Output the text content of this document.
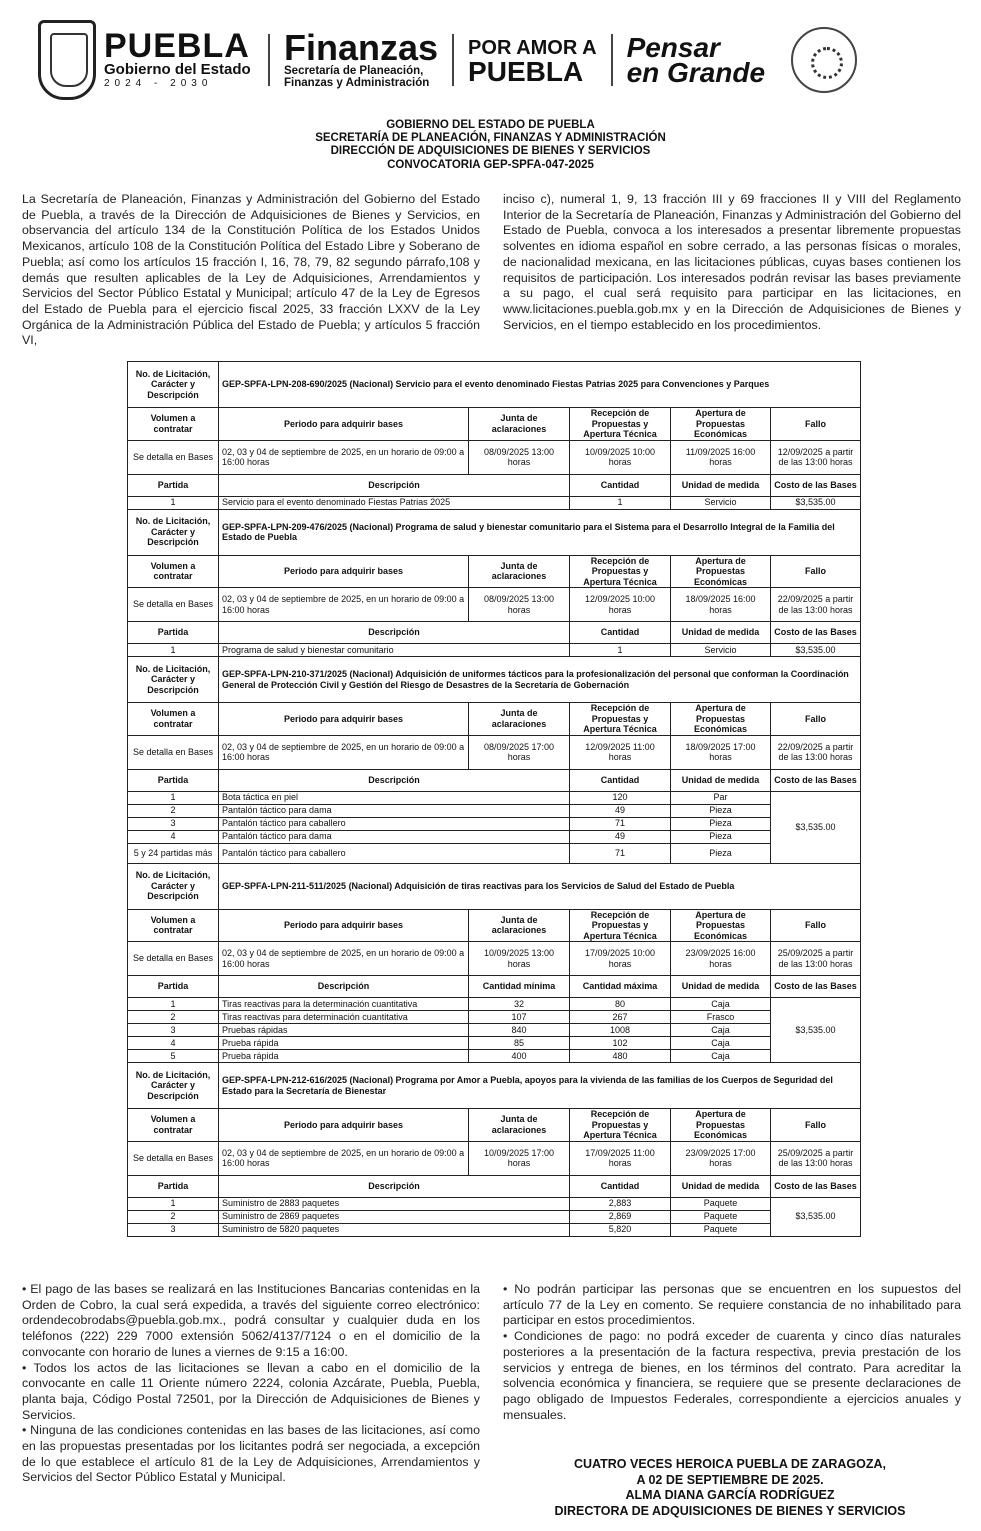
PUEBLA
Gobierno del Estado
2024 - 2030
Finanzas
Secretaría de Planeación,
Finanzas y Administración
POR AMOR A
PUEBLA
Pensar
en Grande
GOBIERNO DEL ESTADO DE PUEBLA
SECRETARÍA DE PLANEACIÓN, FINANZAS Y ADMINISTRACIÓN
DIRECCIÓN DE ADQUISICIONES DE BIENES Y SERVICIOS
CONVOCATORIA GEP-SPFA-047-2025
La Secretaría de Planeación, Finanzas y Administración del Gobierno del Estado de Puebla, a través de la Dirección de Adquisiciones de Bienes y Servicios, en observancia del artículo 134 de la Constitución Política de los Estados Unidos Mexicanos, artículo 108 de la Constitución Política del Estado Libre y Soberano de Puebla; así como los artículos 15 fracción I, 16, 78, 79, 82 segundo párrafo,108 y demás que resulten aplicables de la Ley de Adquisiciones, Arrendamientos y Servicios del Sector Público Estatal y Municipal; artículo 47 de la Ley de Egresos del Estado de Puebla para el ejercicio fiscal 2025, 33 fracción LXXV de la Ley Orgánica de la Administración Pública del Estado de Puebla; y artículos 5 fracción VI,
inciso c), numeral 1, 9, 13 fracción III y 69 fracciones II y VIII del Reglamento Interior de la Secretaría de Planeación, Finanzas y Administración del Gobierno del Estado de Puebla, convoca a los interesados a presentar libremente propuestas solventes en idioma español en sobre cerrado, a las personas físicas o morales, de nacionalidad mexicana, en las licitaciones públicas, cuyas bases contienen los requisitos de participación. Los interesados podrán revisar las bases previamente a su pago, el cual será requisito para participar en las licitaciones, en www.licitaciones.puebla.gob.mx y en la Dirección de Adquisiciones de Bienes y Servicios, en el tiempo establecido en los procedimientos.
No. de Licitación, Carácter y Descripción	GEP-SPFA-LPN-208-690/2025 (Nacional) Servicio para el evento denominado Fiestas Patrias 2025 para Convenciones y Parques				
Volumen a contratar	Periodo para adquirir bases	Junta de aclaraciones	Recepción de Propuestas y Apertura Técnica	Apertura de Propuestas Económicas	Fallo
Se detalla en Bases	02, 03 y 04 de septiembre de 2025, en un horario de 09:00 a 16:00 horas	08/09/2025 13:00 horas	10/09/2025 10:00 horas	11/09/2025 16:00 horas	12/09/2025 a partir de las 13:00 horas
Partida	Descripción		Cantidad	Unidad de medida	Costo de las Bases
1	Servicio para el evento denominado Fiestas Patrias 2025		1	Servicio	$3,535.00
No. de Licitación, Carácter y Descripción	GEP-SPFA-LPN-209-476/2025 (Nacional) Programa de salud y bienestar comunitario para el Sistema para el Desarrollo Integral de la Familia del Estado de Puebla				
Volumen a contratar	Periodo para adquirir bases	Junta de aclaraciones	Recepción de Propuestas y Apertura Técnica	Apertura de Propuestas Económicas	Fallo
Se detalla en Bases	02, 03 y 04 de septiembre de 2025, en un horario de 09:00 a 16:00 horas	08/09/2025 13:00 horas	12/09/2025 10:00 horas	18/09/2025 16:00 horas	22/09/2025 a partir de las 13:00 horas
Partida	Descripción		Cantidad	Unidad de medida	Costo de las Bases
1	Programa de salud y bienestar comunitario		1	Servicio	$3,535.00
No. de Licitación, Carácter y Descripción	GEP-SPFA-LPN-210-371/2025 (Nacional) Adquisición de uniformes tácticos para la profesionalización del personal que conforman la Coordinación General de Protección Civil y Gestión del Riesgo de Desastres de la Secretaría de Gobernación				
Volumen a contratar	Periodo para adquirir bases	Junta de aclaraciones	Recepción de Propuestas y Apertura Técnica	Apertura de Propuestas Económicas	Fallo
Se detalla en Bases	02, 03 y 04 de septiembre de 2025, en un horario de 09:00 a 16:00 horas	08/09/2025 17:00 horas	12/09/2025 11:00 horas	18/09/2025 17:00 horas	22/09/2025 a partir de las 13:00 horas
Partida	Descripción		Cantidad	Unidad de medida	Costo de las Bases
1	Bota táctica en piel		120	Par	$3,535.00
2	Pantalón táctico para dama		49	Pieza	
3	Pantalón táctico para caballero		71	Pieza	
4	Pantalón táctico para dama		49	Pieza	
5 y 24 partidas más	Pantalón táctico para caballero		71	Pieza	
No. de Licitación, Carácter y Descripción	GEP-SPFA-LPN-211-511/2025 (Nacional) Adquisición de tiras reactivas para los Servicios de Salud del Estado de Puebla				
Volumen a contratar	Periodo para adquirir bases	Junta de aclaraciones	Recepción de Propuestas y Apertura Técnica	Apertura de Propuestas Económicas	Fallo
Se detalla en Bases	02, 03 y 04 de septiembre de 2025, en un horario de 09:00 a 16:00 horas	10/09/2025 13:00 horas	17/09/2025 10:00 horas	23/09/2025 16:00 horas	25/09/2025 a partir de las 13:00 horas
Partida	Descripción	Cantidad mínima	Cantidad máxima	Unidad de medida	Costo de las Bases
1	Tiras reactivas para la determinación cuantitativa	32	80	Caja	$3,535.00
2	Tiras reactivas para determinación cuantitativa	107	267	Frasco	
3	Pruebas rápidas	840	1008	Caja	
4	Prueba rápida	85	102	Caja	
5	Prueba rápida	400	480	Caja	
No. de Licitación, Carácter y Descripción	GEP-SPFA-LPN-212-616/2025 (Nacional) Programa por Amor a Puebla, apoyos para la vivienda de las familias de los Cuerpos de Seguridad del Estado para la Secretaría de Bienestar				
Volumen a contratar	Periodo para adquirir bases	Junta de aclaraciones	Recepción de Propuestas y Apertura Técnica	Apertura de Propuestas Económicas	Fallo
Se detalla en Bases	02, 03 y 04 de septiembre de 2025, en un horario de 09:00 a 16:00 horas	10/09/2025 17:00 horas	17/09/2025 11:00 horas	23/09/2025 17:00 horas	25/09/2025 a partir de las 13:00 horas
Partida	Descripción		Cantidad	Unidad de medida	Costo de las Bases
1	Suministro de 2883 paquetes		2,883	Paquete	$3,535.00
2	Suministro de 2869 paquetes		2,869	Paquete	
3	Suministro de 5820 paquetes		5,820	Paquete	
• El pago de las bases se realizará en las Instituciones Bancarias contenidas en la Orden de Cobro, la cual será expedida, a través del siguiente correo electrónico: ordendecobrodabs@puebla.gob.mx., podrá consultar y cualquier duda en los teléfonos (222) 229 7000 extensión 5062/4137/7124 o en el domicilio de la convocante con horario de lunes a viernes de 9:15 a 16:00.
• Todos los actos de las licitaciones se llevan a cabo en el domicilio de la convocante en calle 11 Oriente número 2224, colonia Azcárate, Puebla, Puebla, planta baja, Código Postal 72501, por la Dirección de Adquisiciones de Bienes y Servicios.
• Ninguna de las condiciones contenidas en las bases de las licitaciones, así como en las propuestas presentadas por los licitantes podrá ser negociada, a excepción de lo que establece el artículo 81 de la Ley de Adquisiciones, Arrendamientos y Servicios del Sector Público Estatal y Municipal.
• No podrán participar las personas que se encuentren en los supuestos del artículo 77 de la Ley en comento. Se requiere constancia de no inhabilitado para participar en estos procedimientos.
• Condiciones de pago: no podrá exceder de cuarenta y cinco días naturales posteriores a la presentación de la factura respectiva, previa prestación de los servicios y entrega de bienes, en los términos del contrato. Para acreditar la solvencia económica y financiera, se requiere que se presente declaraciones de pago obligado de Impuestos Federales, correspondiente a ejercicios anuales y mensuales.
CUATRO VECES HEROICA PUEBLA DE ZARAGOZA,
A 02 DE SEPTIEMBRE DE 2025.
ALMA DIANA GARCÍA RODRÍGUEZ
DIRECTORA DE ADQUISICIONES DE BIENES Y SERVICIOS
